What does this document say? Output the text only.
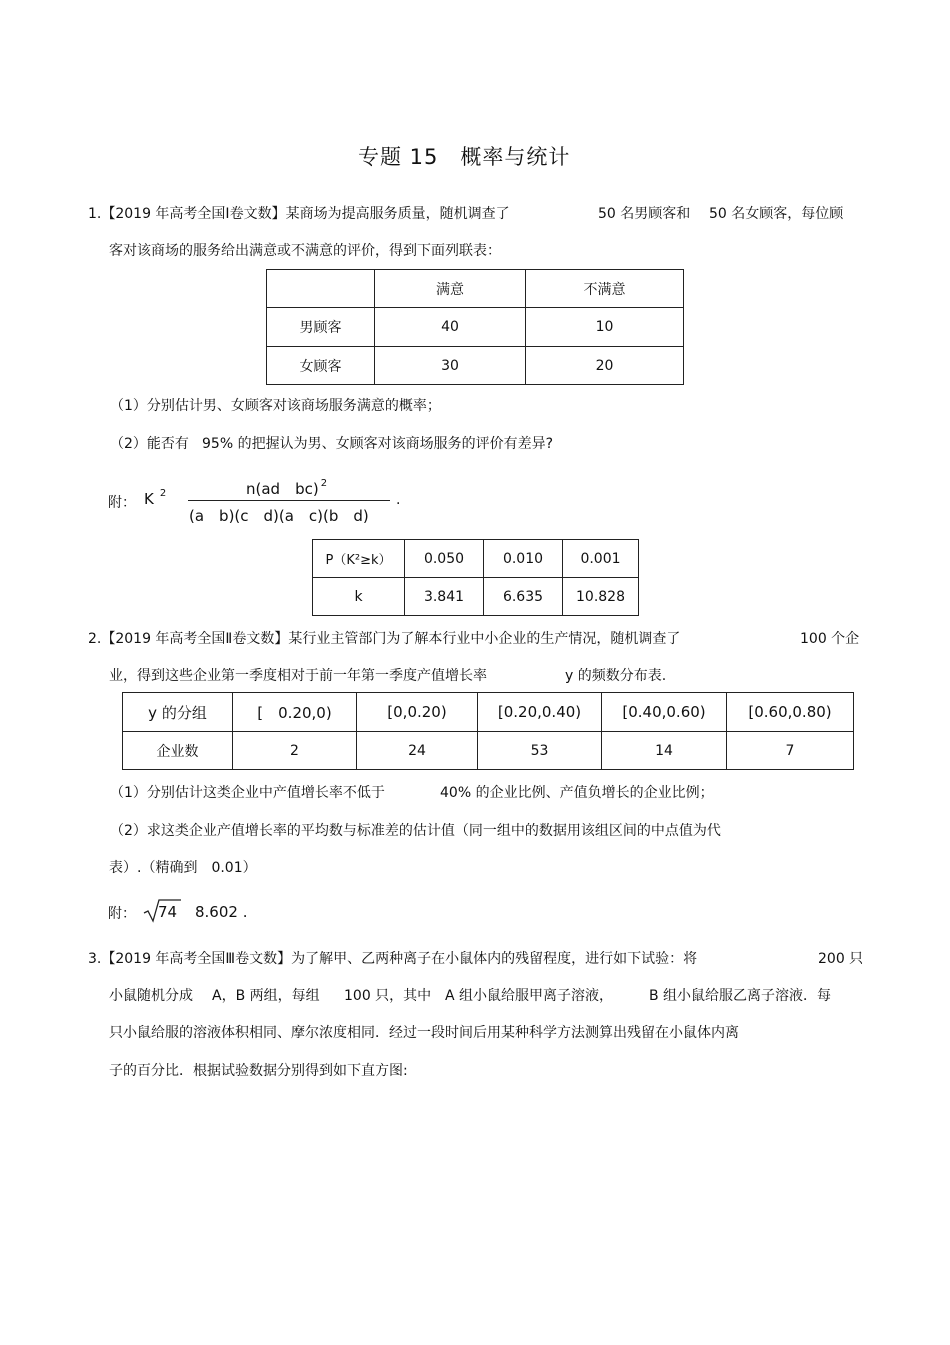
专题 15　概率与统计
1.【2019 年高考全国Ⅰ卷文数】某商场为提高服务质量，随机调查了	50 名男顾客和 50 名女顾客，每位顾
客对该商场的服务给出满意或不满意的评价，得到下面列联表：
	满意	不满意
男顾客	40	10
女顾客	30	20
（1）分别估计男、女顾客对该商场服务满意的概率；
（2）能否有 95% 的把握认为男、女顾客对该商场服务的评价有差异?
附： K $^2$	n(ad　bc) $^2$
(a　b)(c　d)(a　c)(b　d)
.
P（K²≥k）	0.050	0.010	0.001
k	3.841	6.635	10.828
2.【2019 年高考全国Ⅱ卷文数】某行业主管部门为了解本行业中小企业的生产情况，随机调查了	100 个企
业，得到这些企业第一季度相对于前一年第一季度产值增长率	y 的频数分布表.
y 的分组	[　0.20,0)	[0,0.20)	[0.20,0.40)	[0.40,0.60)	[0.60,0.80)
企业数	2	24	53	14	7
（1）分别估计这类企业中产值增长率不低于	40% 的企业比例、产值负增长的企业比例；
（2）求这类企业产值增长率的平均数与标准差的估计值（同一组中的数据用该组区间的中点值为代
表）.（精确到　0.01）
附： 74 8.602 .
3.【2019 年高考全国Ⅲ卷文数】为了解甲、乙两种离子在小鼠体内的残留程度，进行如下试验：将	200 只
小鼠随机分成 A，B 两组，每组 100 只，其中 A 组小鼠给服甲离子溶液，	B 组小鼠给服乙离子溶液．每
只小鼠给服的溶液体积相同、摩尔浓度相同．经过一段时间后用某种科学方法测算出残留在小鼠体内离
子的百分比．根据试验数据分别得到如下直方图:
